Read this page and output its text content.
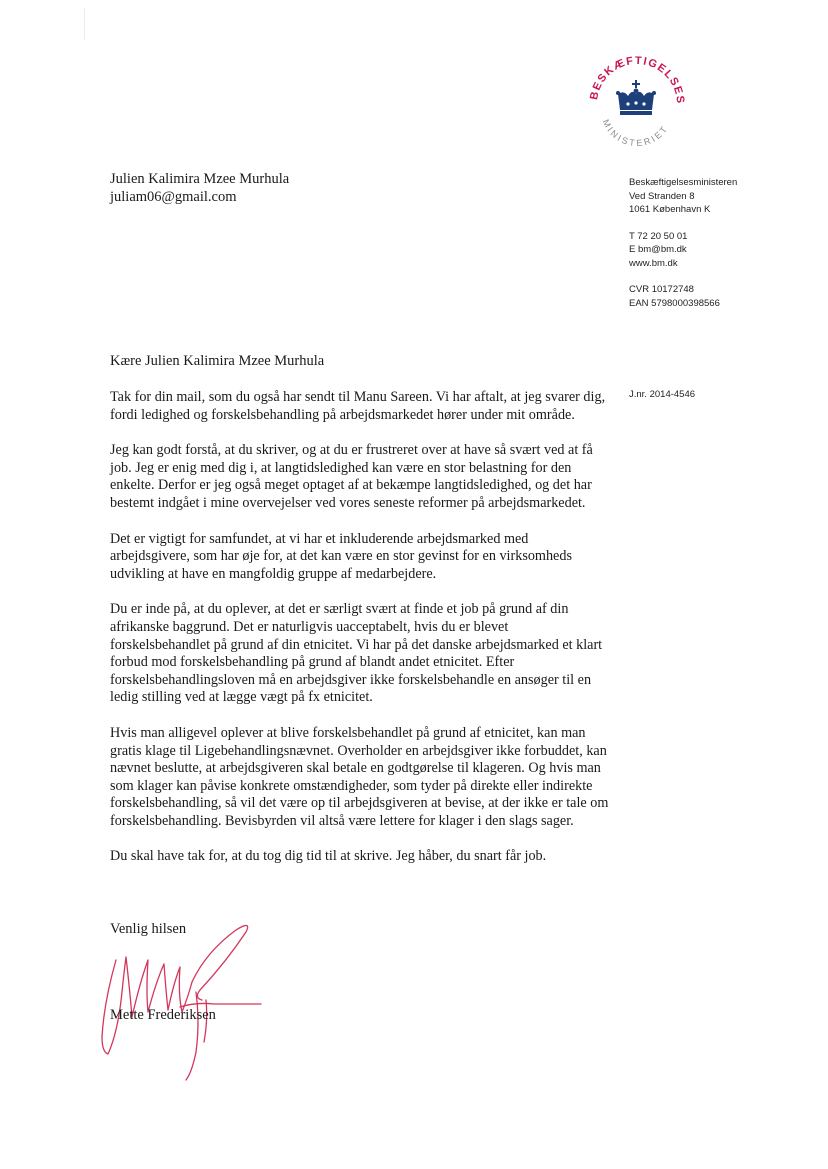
BESKÆFTIGELSES
MINISTERIET
Julien Kalimira Mzee Murhula
juliam06@gmail.com
Beskæftigelsesministeren
Ved Stranden 8
1061 København K
T 72 20 50 01
E bm@bm.dk
www.bm.dk
CVR 10172748
EAN 5798000398566
J.nr. 2014-4546
Kære Julien Kalimira Mzee Murhula

Tak for din mail, som du også har sendt til Manu Sareen. Vi har aftalt, at jeg svarer dig, fordi ledighed og forskelsbehandling på arbejdsmarkedet hører under mit område.

Jeg kan godt forstå, at du skriver, og at du er frustreret over at have så svært ved at få job. Jeg er enig med dig i, at langtidsledighed kan være en stor belastning for den enkelte. Derfor er jeg også meget optaget af at bekæmpe langtidsledighed, og det har bestemt indgået i mine overvejelser ved vores seneste reformer på arbejdsmarkedet.

Det er vigtigt for samfundet, at vi har et inkluderende arbejdsmarked med arbejdsgivere, som har øje for, at det kan være en stor gevinst for en virksomheds udvikling at have en mangfoldig gruppe af medarbejdere.

Du er inde på, at du oplever, at det er særligt svært at finde et job på grund af din afrikanske baggrund. Det er naturligvis uacceptabelt, hvis du er blevet forskelsbehandlet på grund af din etnicitet. Vi har på det danske arbejdsmarked et klart forbud mod forskelsbehandling på grund af blandt andet etnicitet. Efter forskelsbehandlingsloven må en arbejdsgiver ikke forskelsbehandle en ansøger til en ledig stilling ved at lægge vægt på fx etnicitet.

Hvis man alligevel oplever at blive forskelsbehandlet på grund af etnicitet, kan man gratis klage til Ligebehandlingsnævnet. Overholder en arbejdsgiver ikke forbuddet, kan nævnet beslutte, at arbejdsgiveren skal betale en godtgørelse til klageren. Og hvis man som klager kan påvise konkrete omstændigheder, som tyder på direkte eller indirekte forskelsbehandling, så vil det være op til arbejdsgiveren at bevise, at der ikke er tale om forskelsbehandling. Bevisbyrden vil altså være lettere for klager i den slags sager.

Du skal have tak for, at du tog dig tid til at skrive. Jeg håber, du snart får job.

Venlig hilsen
Mette Frederiksen
